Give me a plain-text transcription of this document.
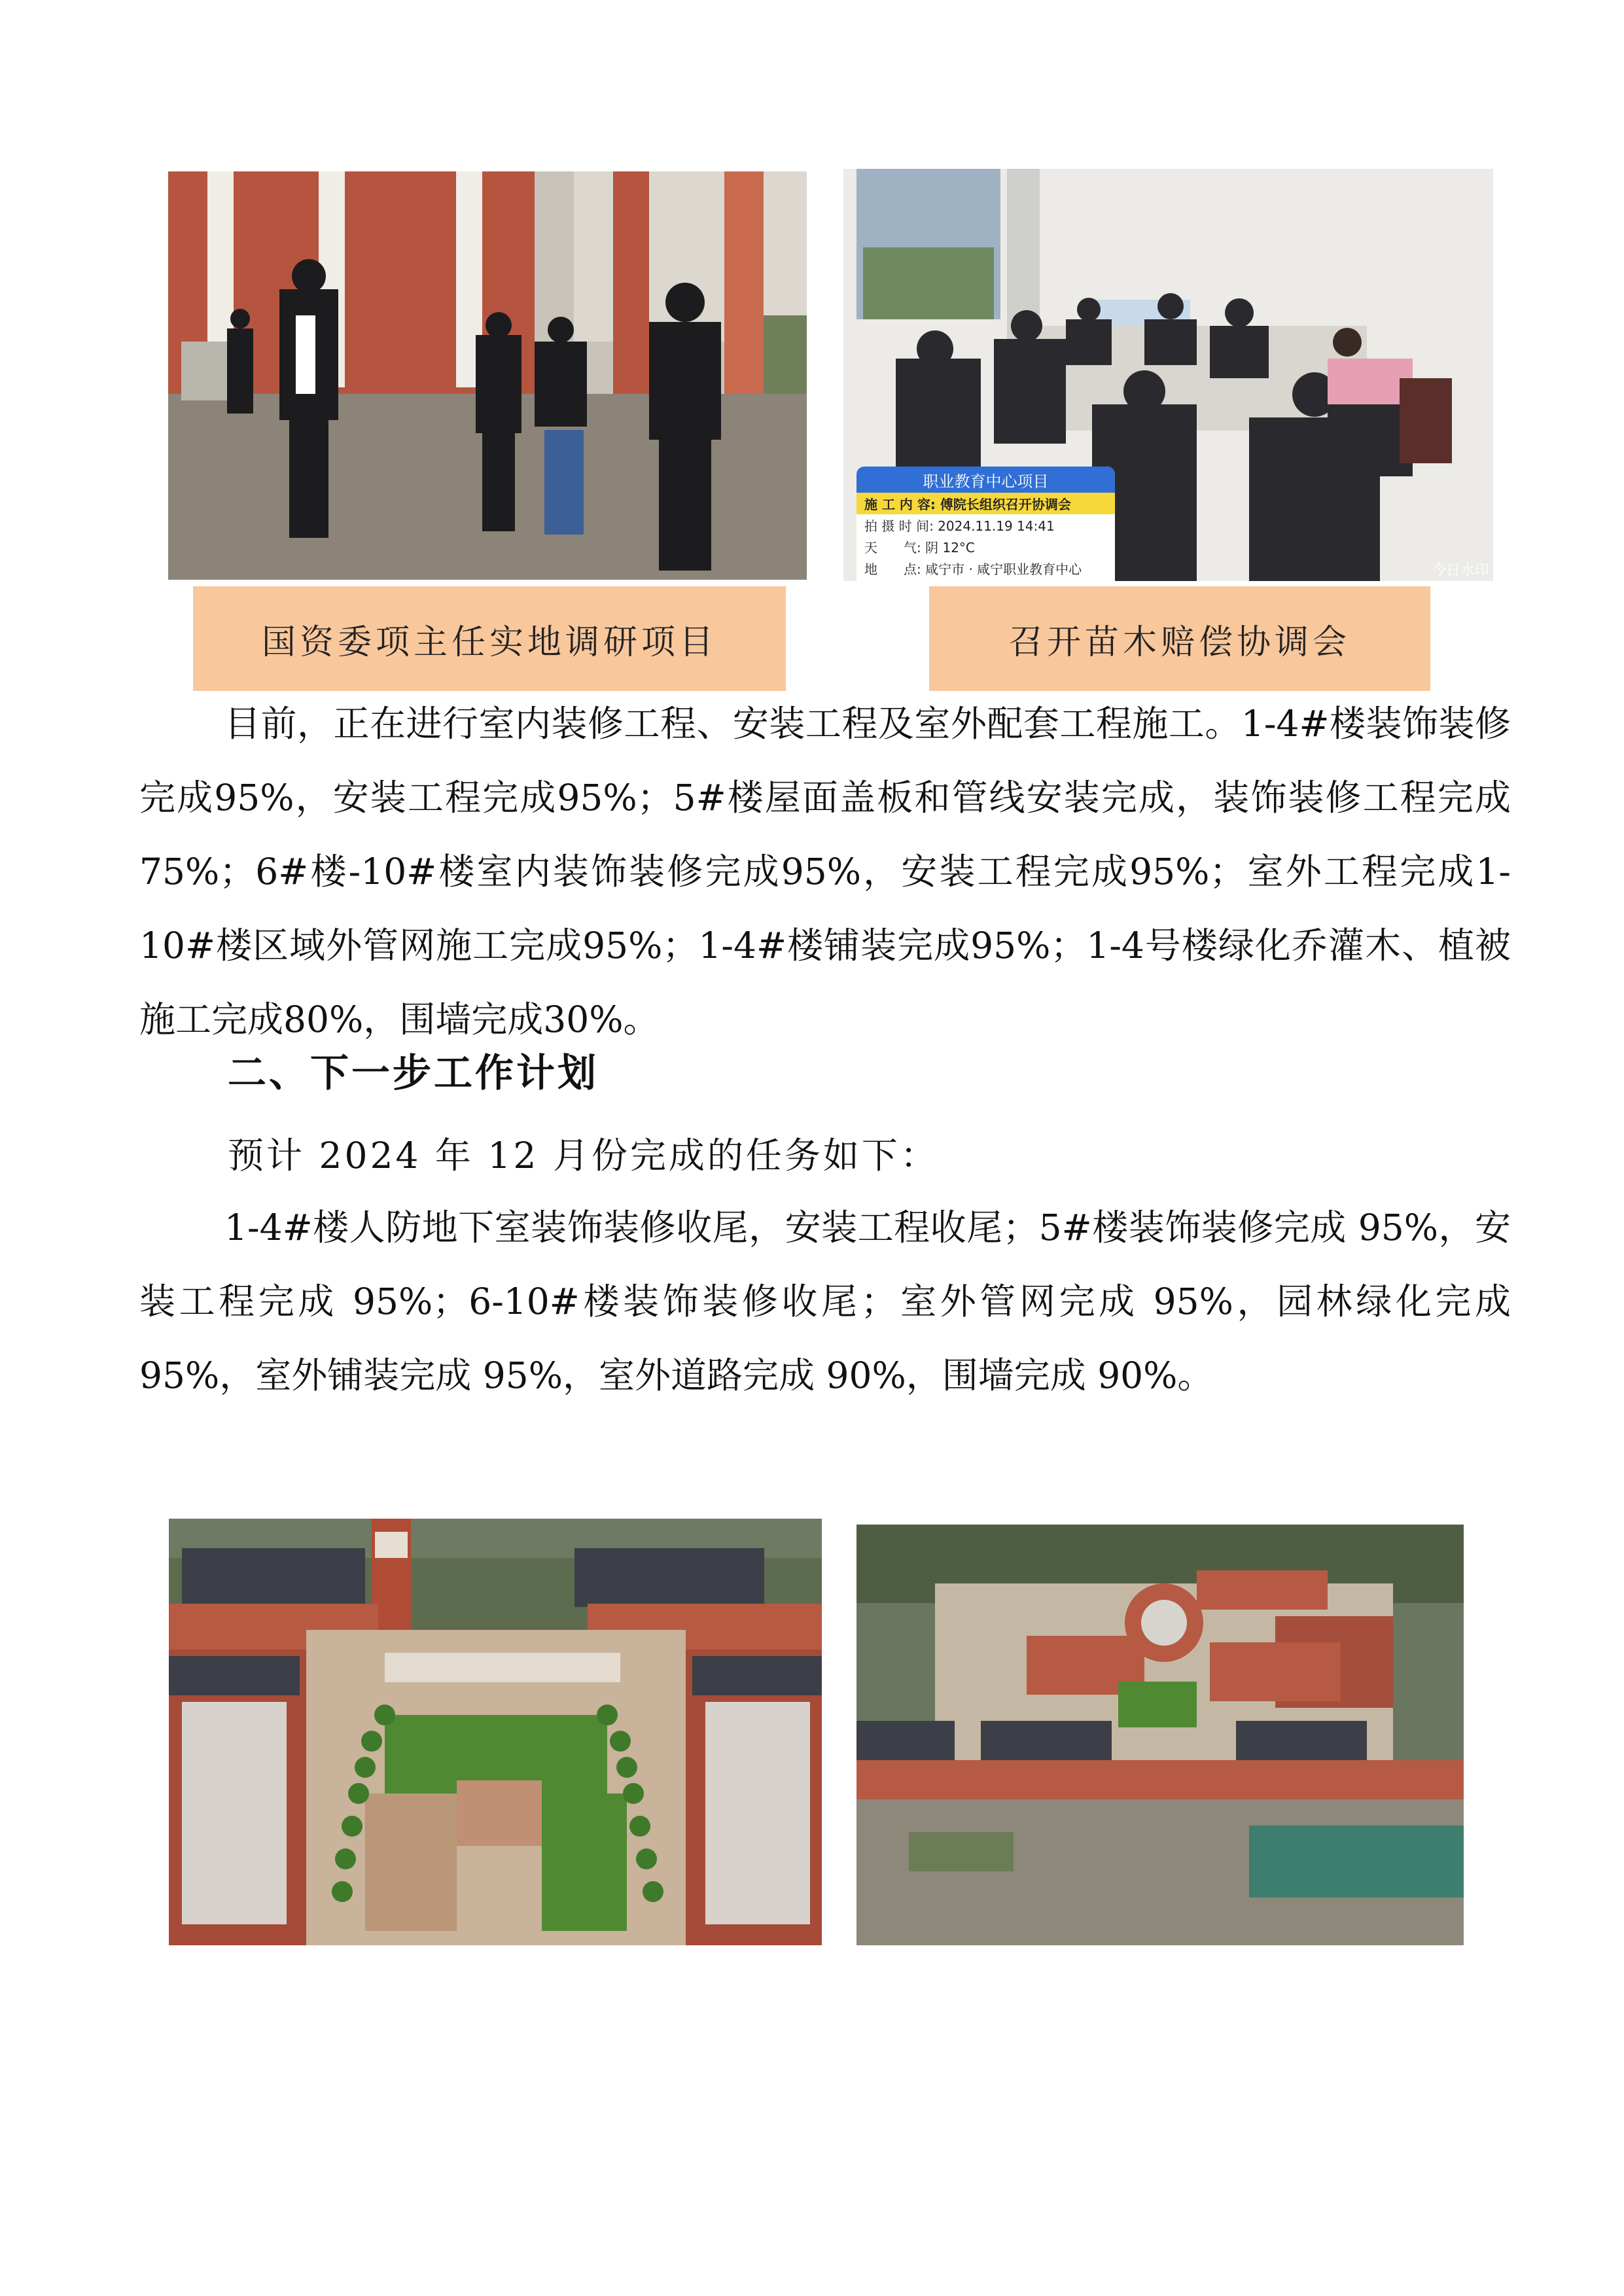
职业教育中心项目
施 工 内 容: 傅院长组织召开协调会
拍 摄 时 间: 2024.11.19 14:41
天　　气: 阴 12°C
地　　点: 咸宁市 · 咸宁职业教育中心	今日水印
国资委项主任实地调研项目	召开苗木赔偿协调会
目前，正在进行室内装修工程、安装工程及室外配套工程施工。1-4#楼装饰装修完成95%，安装工程完成95%；5#楼屋面盖板和管线安装完成，装饰装修工程完成75%；6#楼-10#楼室内装饰装修完成95%，安装工程完成95%；室外工程完成1-10#楼区域外管网施工完成95%；1-4#楼铺装完成95%；1-4号楼绿化乔灌木、植被施工完成80%，围墙完成30%。
二、下一步工作计划
预计 2024 年 12 月份完成的任务如下：
1-4#楼人防地下室装饰装修收尾，安装工程收尾；5#楼装饰装修完成 95%，安装工程完成 95%；6-10#楼装饰装修收尾；室外管网完成 95%，园林绿化完成 95%，室外铺装完成 95%，室外道路完成 90%，围墙完成 90%。
